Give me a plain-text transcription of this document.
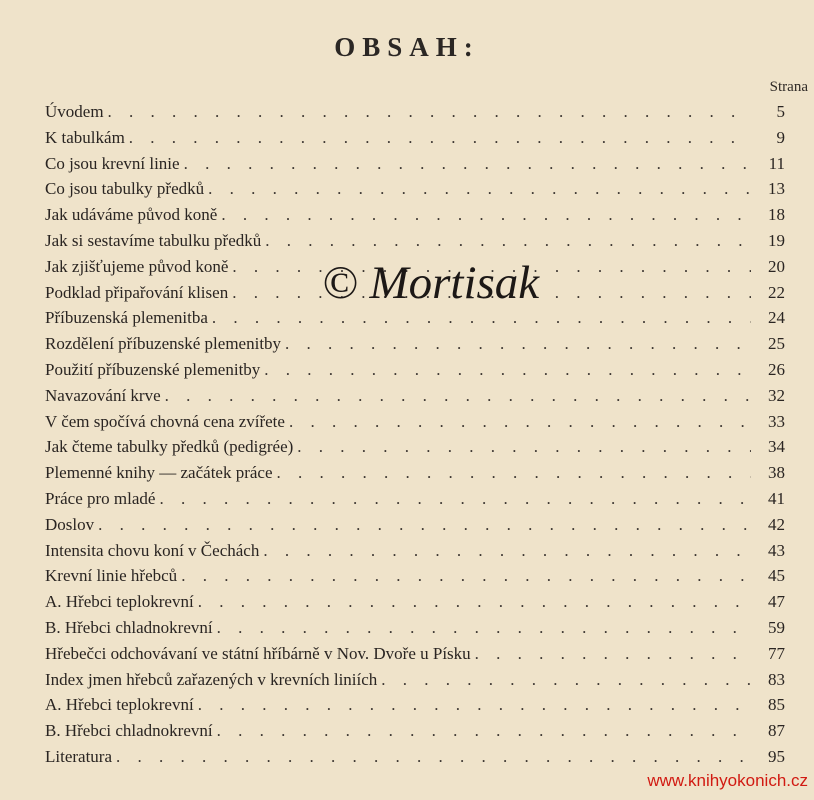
OBSAH:
Strana
Úvodem . . .	5
K tabulkám . . .	9
Co jsou krevní linie . . .	11
Co jsou tabulky předků . . .	13
Jak udáváme původ koně . . .	18
Jak si sestavíme tabulku předků . . .	19
Jak zjišťujeme původ koně . . .	20
Podklad připařování klisen . . .	22
Příbuzenská plemenitba . . .	24
Rozdělení příbuzenské plemenitby . . .	25
Použití příbuzenské plemenitby . . .	26
Navazování krve . . .	32
V čem spočívá chovná cena zvířete . . .	33
Jak čteme tabulky předků (pedigrée) . . .	34
Plemenné knihy — začátek práce . . .	38
Práce pro mladé . . .	41
Doslov . . .	42
Intensita chovu koní v Čechách . . .	43
Krevní linie hřebců . . .	45
A. Hřebci teplokrevní . . .	47
B. Hřebci chladnokrevní . . .	59
Hřebečci odchovávaní ve státní hříbárně v Nov. Dvoře u Písku . . .	77
Index jmen hřebců zařazených v krevních liniích . . .	83
A. Hřebci teplokrevní . . .	85
B. Hřebci chladnokrevní . . .	87
Literatura . . .	95
© Mortisak
www.knihyokonich.cz
